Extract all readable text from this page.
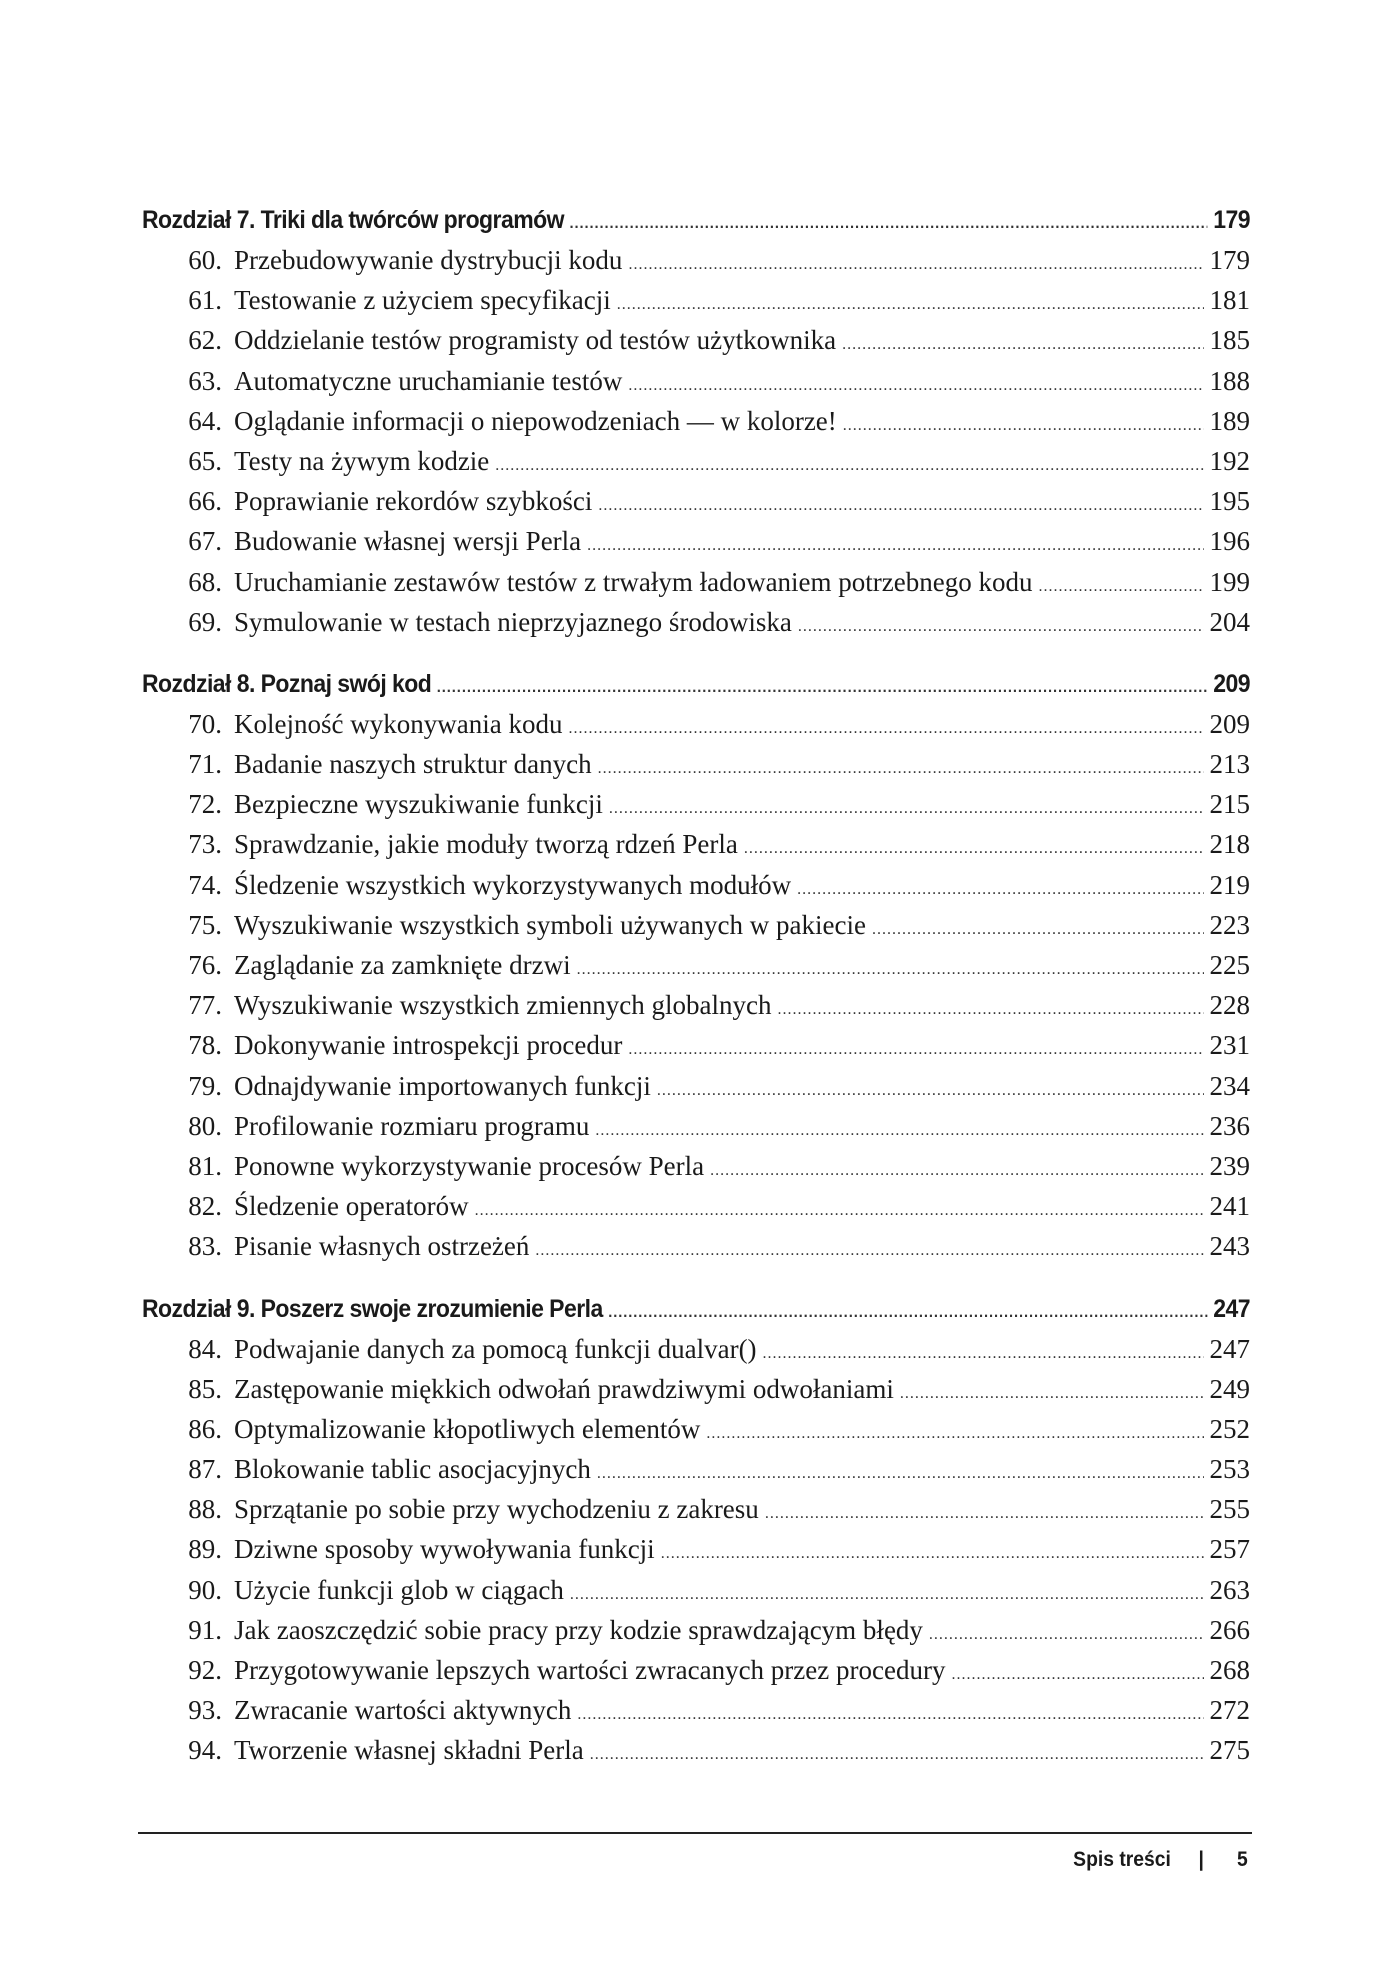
Rozdział 7. Triki dla twórców programów .....	179
60. Przebudowywanie dystrybucji kodu .....	179
61. Testowanie z użyciem specyfikacji .....	181
62. Oddzielanie testów programisty od testów użytkownika .....	185
63. Automatyczne uruchamianie testów .....	188
64. Oglądanie informacji o niepowodzeniach — w kolorze! .....	189
65. Testy na żywym kodzie .....	192
66. Poprawianie rekordów szybkości .....	195
67. Budowanie własnej wersji Perla .....	196
68. Uruchamianie zestawów testów z trwałym ładowaniem potrzebnego kodu .....	199
69. Symulowanie w testach nieprzyjaznego środowiska .....	204
Rozdział 8. Poznaj swój kod .....	209
70. Kolejność wykonywania kodu .....	209
71. Badanie naszych struktur danych .....	213
72. Bezpieczne wyszukiwanie funkcji .....	215
73. Sprawdzanie, jakie moduły tworzą rdzeń Perla .....	218
74. Śledzenie wszystkich wykorzystywanych modułów .....	219
75. Wyszukiwanie wszystkich symboli używanych w pakiecie .....	223
76. Zaglądanie za zamknięte drzwi .....	225
77. Wyszukiwanie wszystkich zmiennych globalnych .....	228
78. Dokonywanie introspekcji procedur .....	231
79. Odnajdywanie importowanych funkcji .....	234
80. Profilowanie rozmiaru programu .....	236
81. Ponowne wykorzystywanie procesów Perla .....	239
82. Śledzenie operatorów .....	241
83. Pisanie własnych ostrzeżeń .....	243
Rozdział 9. Poszerz swoje zrozumienie Perla .....	247
84. Podwajanie danych za pomocą funkcji dualvar() .....	247
85. Zastępowanie miękkich odwołań prawdziwymi odwołaniami .....	249
86. Optymalizowanie kłopotliwych elementów .....	252
87. Blokowanie tablic asocjacyjnych .....	253
88. Sprzątanie po sobie przy wychodzeniu z zakresu .....	255
89. Dziwne sposoby wywoływania funkcji .....	257
90. Użycie funkcji glob w ciągach .....	263
91. Jak zaoszczędzić sobie pracy przy kodzie sprawdzającym błędy .....	266
92. Przygotowywanie lepszych wartości zwracanych przez procedury .....	268
93. Zwracanie wartości aktywnych .....	272
94. Tworzenie własnej składni Perla .....	275
Spis treści | 5
